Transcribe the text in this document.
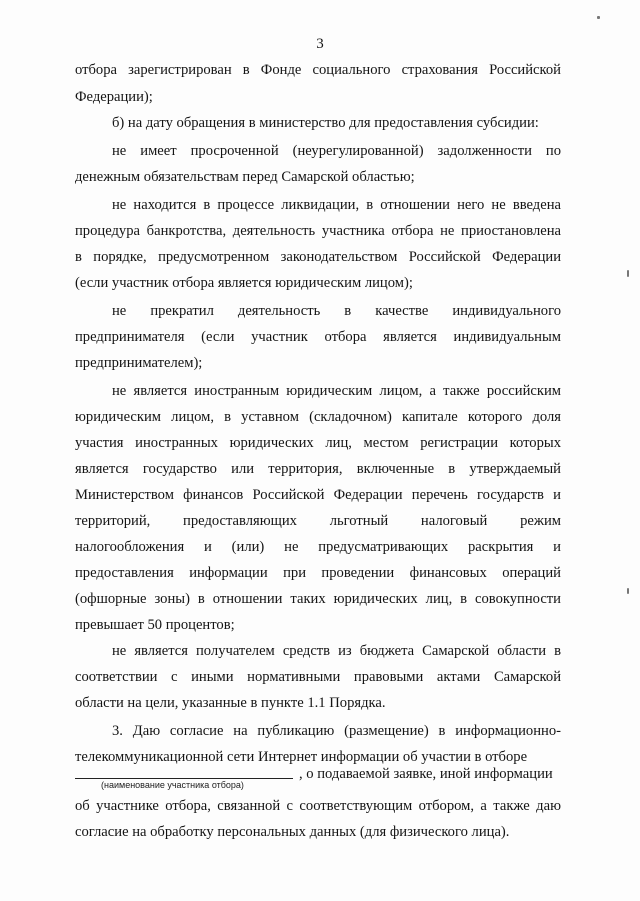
3
отбора зарегистрирован в Фонде социального страхования Российской
Федерации);
б) на дату обращения в министерство для предоставления субсидии:
не имеет просроченной (неурегулированной) задолженности по
денежным обязательствам перед Самарской областью;
не находится в процессе ликвидации, в отношении него не введена
процедура банкротства, деятельность участника отбора не приостановлена
в порядке, предусмотренном законодательством Российской Федерации
(если участник отбора является юридическим лицом);
не прекратил деятельность в качестве индивидуального
предпринимателя (если участник отбора является индивидуальным
предпринимателем);
не является иностранным юридическим лицом, а также российским
юридическим лицом, в уставном (складочном) капитале которого доля
участия иностранных юридических лиц, местом регистрации которых
является государство или территория, включенные в утверждаемый
Министерством финансов Российской Федерации перечень государств и
территорий, предоставляющих льготный налоговый режим
налогообложения и (или) не предусматривающих раскрытия и
предоставления информации при проведении финансовых операций
(офшорные зоны) в отношении таких юридических лиц, в совокупности
превышает 50 процентов;
не является получателем средств из бюджета Самарской области в
соответствии с иными нормативными правовыми актами Самарской
области на цели, указанные в пункте 1.1 Порядка.
3. Даю согласие на публикацию (размещение) в информационно-
телекоммуникационной сети Интернет информации об участии в отборе
(наименование участника отбора)
, о подаваемой заявке, иной информации
об участнике отбора, связанной с соответствующим отбором, а также даю
согласие на обработку персональных данных (для физического лица).
